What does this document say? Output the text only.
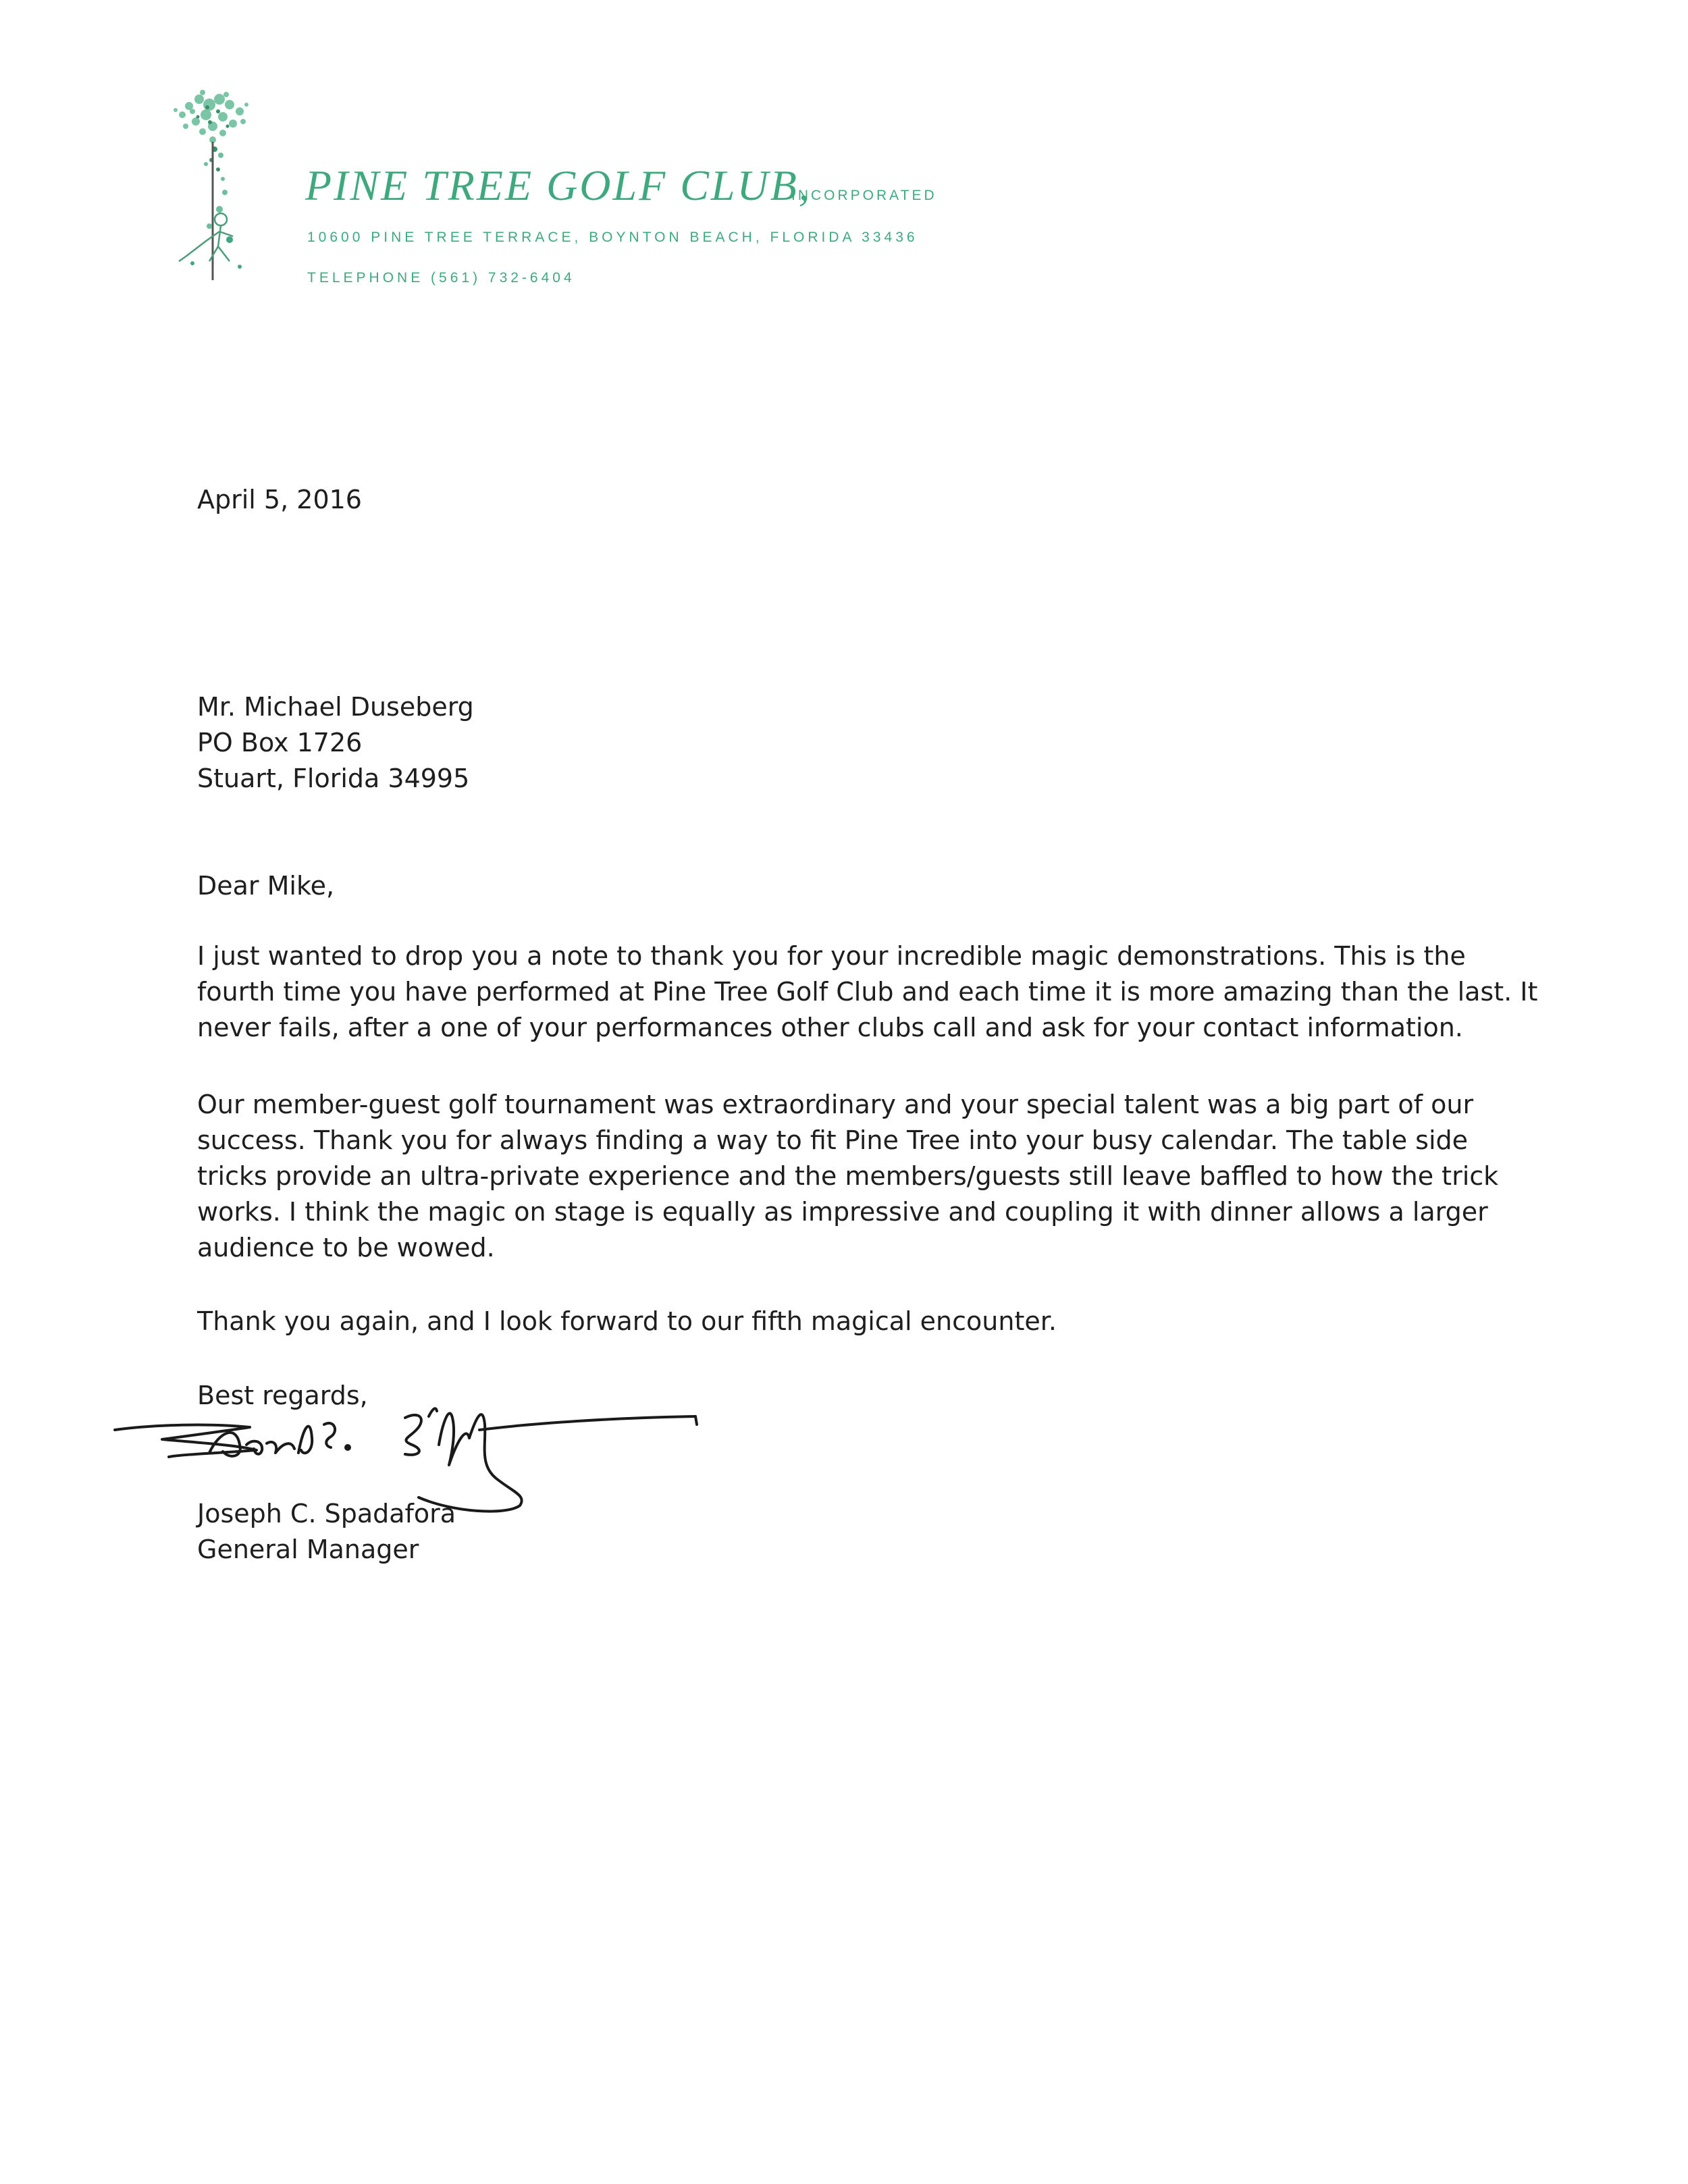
PINE TREE GOLF CLUB,
INCORPORATED
10600 PINE TREE TERRACE, BOYNTON BEACH, FLORIDA 33436
TELEPHONE (561) 732-6404
April 5, 2016
Mr. Michael Duseberg
PO Box 1726
Stuart, Florida 34995
Dear Mike,
I just wanted to drop you a note to thank you for your incredible magic demonstrations. This is the
fourth time you have performed at Pine Tree Golf Club and each time it is more amazing than the last. It
never fails, after a one of your performances other clubs call and ask for your contact information.
Our member-guest golf tournament was extraordinary and your special talent was a big part of our
success. Thank you for always finding a way to fit Pine Tree into your busy calendar. The table side
tricks provide an ultra-private experience and the members/guests still leave baffled to how the trick
works. I think the magic on stage is equally as impressive and coupling it with dinner allows a larger
audience to be wowed.
Thank you again, and I look forward to our fifth magical encounter.
Best regards,
Joseph C. Spadafora
General Manager
